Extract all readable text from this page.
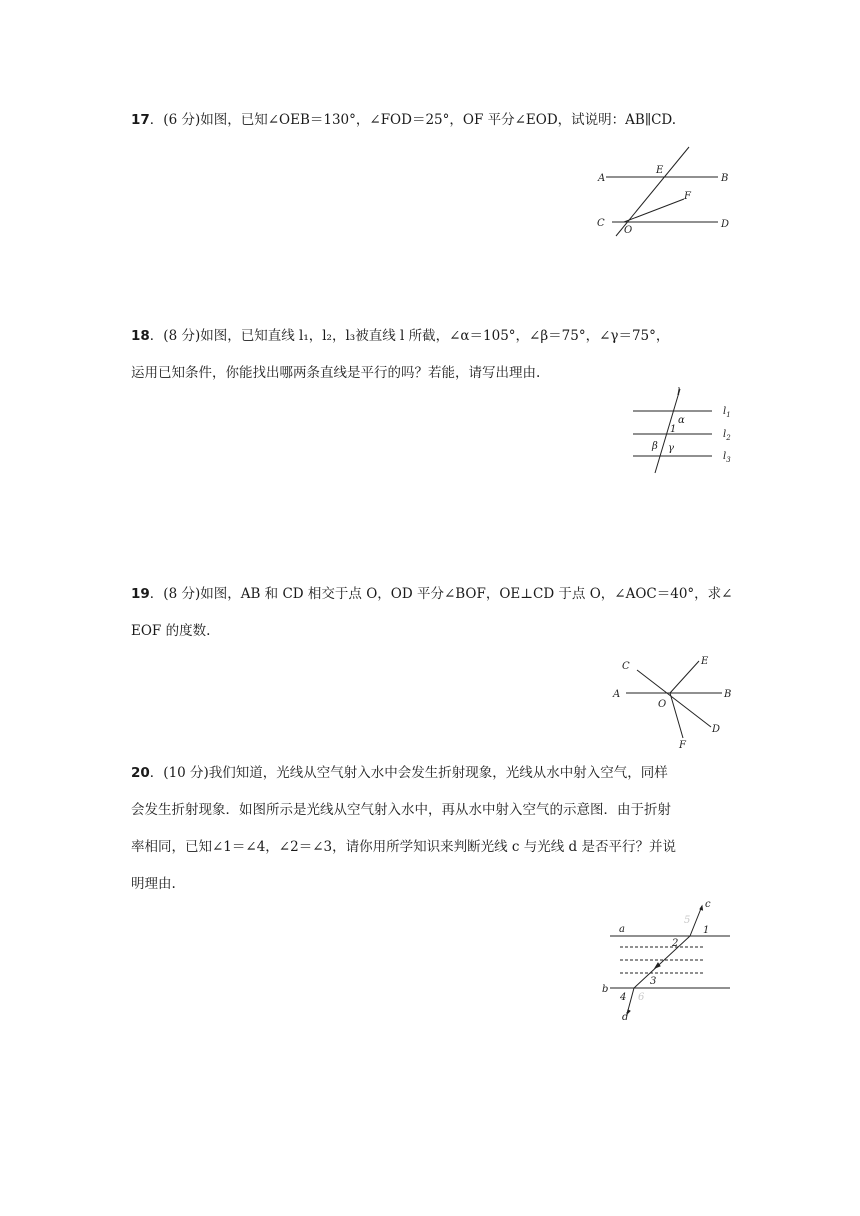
17．(6 分)如图，已知∠OEB＝130°，∠FOD＝25°，OF 平分∠EOD，试说明：AB∥CD.

A	B
C	D
E
F
O

18．(8 分)如图，已知直线 l₁，l₂，l₃被直线 l 所截，∠α＝105°，∠β＝75°，∠γ＝75°，

运用已知条件，你能找出哪两条直线是平行的吗？若能，请写出理由.

l
$l_1$
$l_2$
$l_3$
α
1
β γ

19．(8 分)如图，AB 和 CD 相交于点 O，OD 平分∠BOF，OE⊥CD 于点 O，∠AOC＝40°，求∠

EOF 的度数.

A	B
C
D
E
F
O

20．(10 分)我们知道，光线从空气射入水中会发生折射现象，光线从水中射入空气，同样

会发生折射现象．如图所示是光线从空气射入水中，再从水中射入空气的示意图．由于折射

率相同，已知∠1＝∠4，∠2＝∠3，请你用所学知识来判断光线 c 与光线 d 是否平行？并说

明理由.

c
a
b
d
1
2
3
4
5
6
